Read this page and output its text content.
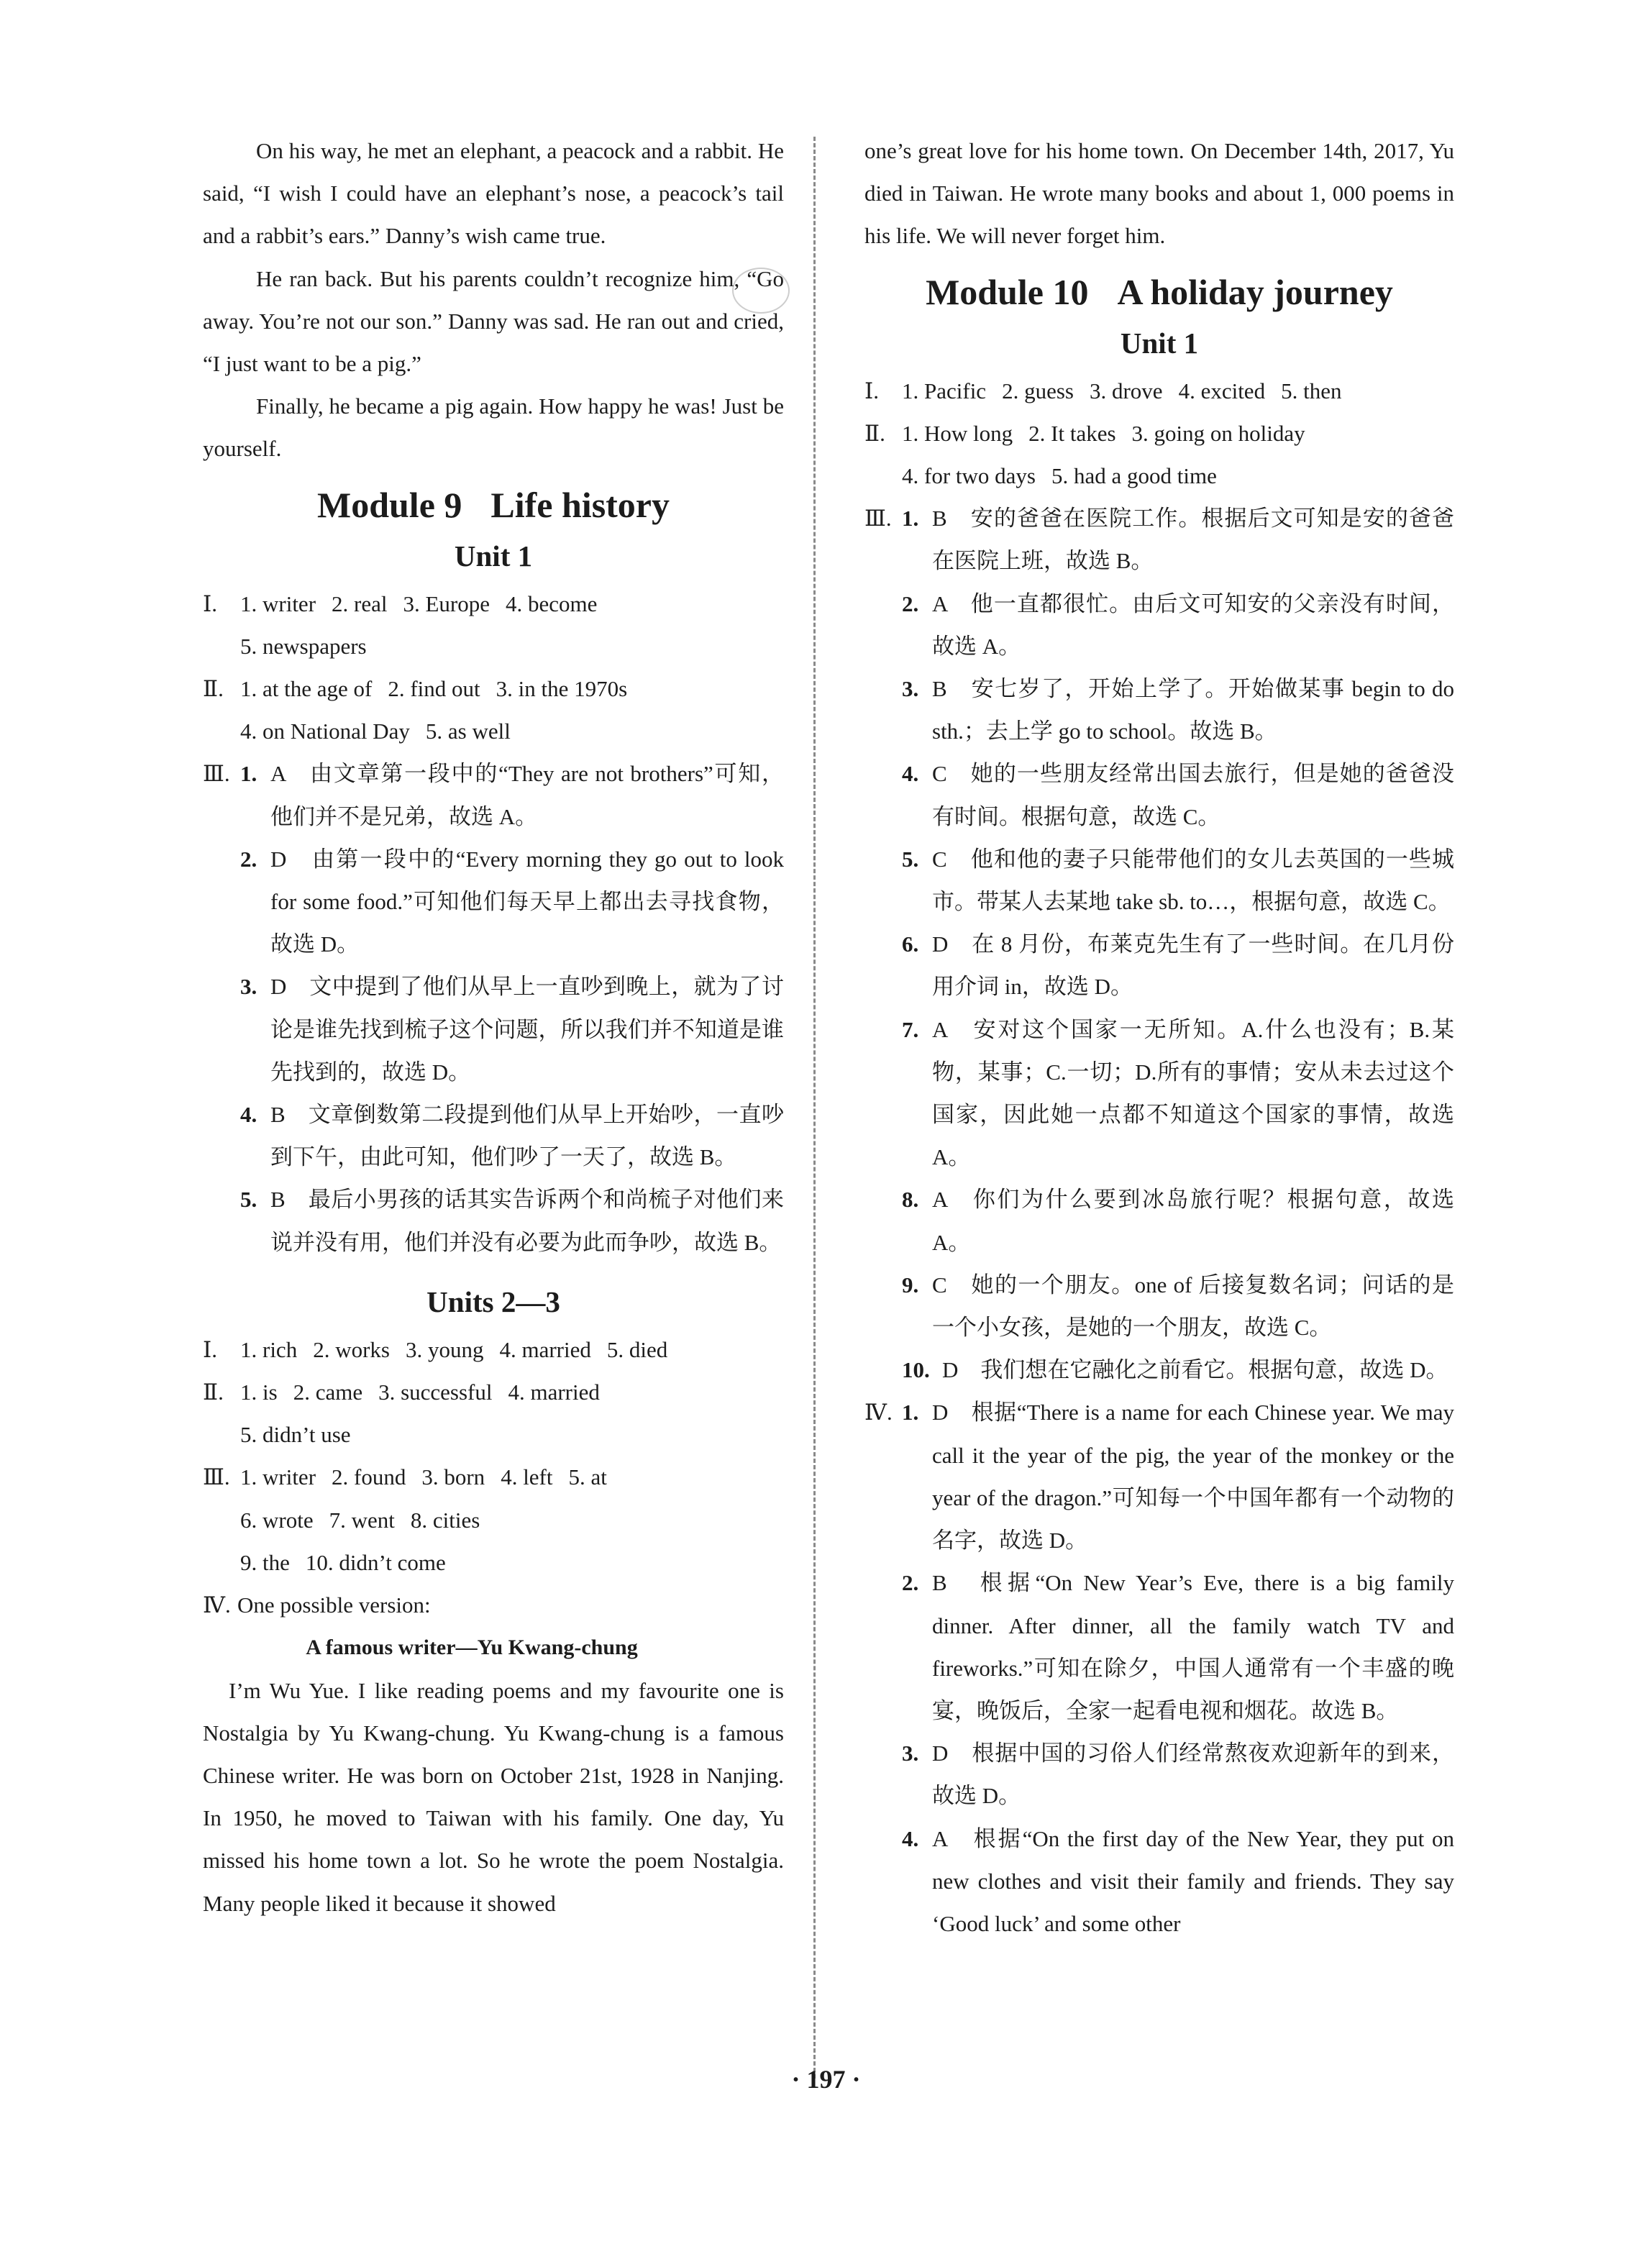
On his way, he met an elephant, a peacock and a rabbit. He said, “I wish I could have an elephant’s nose, a peacock’s tail and a rabbit’s ears.” Danny’s wish came true.

He ran back. But his parents couldn’t recognize him, “Go away. You’re not our son.” Danny was sad. He ran out and cried, “I just want to be a pig.”

Finally, he became a pig again. How happy he was! Just be yourself.

Module 9 Life history
Unit 1
Ⅰ. 1. writer 2. real 3. Europe 4. become
5. newspapers
Ⅱ. 1. at the age of 2. find out 3. in the 1970s
4. on National Day 5. as well
Ⅲ. 1. A　由文章第一段中的“They are not brothers”可知，他们并不是兄弟，故选 A。
2. D　由第一段中的“Every morning they go out to look for some food.”可知他们每天早上都出去寻找食物，故选 D。
3. D　文中提到了他们从早上一直吵到晚上，就为了讨论是谁先找到梳子这个问题，所以我们并不知道是谁先找到的，故选 D。
4. B　文章倒数第二段提到他们从早上开始吵，一直吵到下午，由此可知，他们吵了一天了，故选 B。
5. B　最后小男孩的话其实告诉两个和尚梳子对他们来说并没有用，他们并没有必要为此而争吵，故选 B。
Units 2—3
Ⅰ. 1. rich 2. works 3. young 4. married 5. died
Ⅱ. 1. is 2. came 3. successful 4. married
5. didn’t use
Ⅲ. 1. writer 2. found 3. born 4. left 5. at
6. wrote 7. went 8. cities
9. the 10. didn’t come
Ⅳ. One possible version:
A famous writer—Yu Kwang-chung

I’m Wu Yue. I like reading poems and my favourite one is Nostalgia by Yu Kwang-chung. Yu Kwang-chung is a famous Chinese writer. He was born on October 21st, 1928 in Nanjing. In 1950, he moved to Taiwan with his family. One day, Yu missed his home town a lot. So he wrote the poem Nostalgia. Many people liked it because it showed

one’s great love for his home town. On December 14th, 2017, Yu died in Taiwan. He wrote many books and about 1, 000 poems in his life. We will never forget him.

Module 10 A holiday journey
Unit 1
Ⅰ. 1. Pacific 2. guess 3. drove 4. excited 5. then
Ⅱ. 1. How long 2. It takes 3. going on holiday
4. for two days 5. had a good time
Ⅲ. 1. B　安的爸爸在医院工作。根据后文可知是安的爸爸在医院上班，故选 B。
2. A　他一直都很忙。由后文可知安的父亲没有时间，故选 A。
3. B　安七岁了，开始上学了。开始做某事 begin to do sth.；去上学 go to school。故选 B。
4. C　她的一些朋友经常出国去旅行，但是她的爸爸没有时间。根据句意，故选 C。
5. C　他和他的妻子只能带他们的女儿去英国的一些城市。带某人去某地 take sb. to…，根据句意，故选 C。
6. D　在 8 月份，布莱克先生有了一些时间。在几月份用介词 in，故选 D。
7. A　安对这个国家一无所知。A.什么也没有；B.某物，某事；C.一切；D.所有的事情；安从未去过这个国家，因此她一点都不知道这个国家的事情，故选 A。
8. A　你们为什么要到冰岛旅行呢？根据句意，故选 A。
9. C　她的一个朋友。one of 后接复数名词；问话的是一个小女孩，是她的一个朋友，故选 C。
10. D　我们想在它融化之前看它。根据句意，故选 D。
Ⅳ. 1. D　根据“There is a name for each Chinese year. We may call it the year of the pig, the year of the monkey or the year of the dragon.”可知每一个中国年都有一个动物的名字，故选 D。
2. B　根据“On New Year’s Eve, there is a big family dinner. After dinner, all the family watch TV and fireworks.”可知在除夕，中国人通常有一个丰盛的晚宴，晚饭后，全家一起看电视和烟花。故选 B。
3. D　根据中国的习俗人们经常熬夜欢迎新年的到来，故选 D。
4. A　根据“On the first day of the New Year, they put on new clothes and visit their family and friends. They say ‘Good luck’ and some other
· 197 ·
